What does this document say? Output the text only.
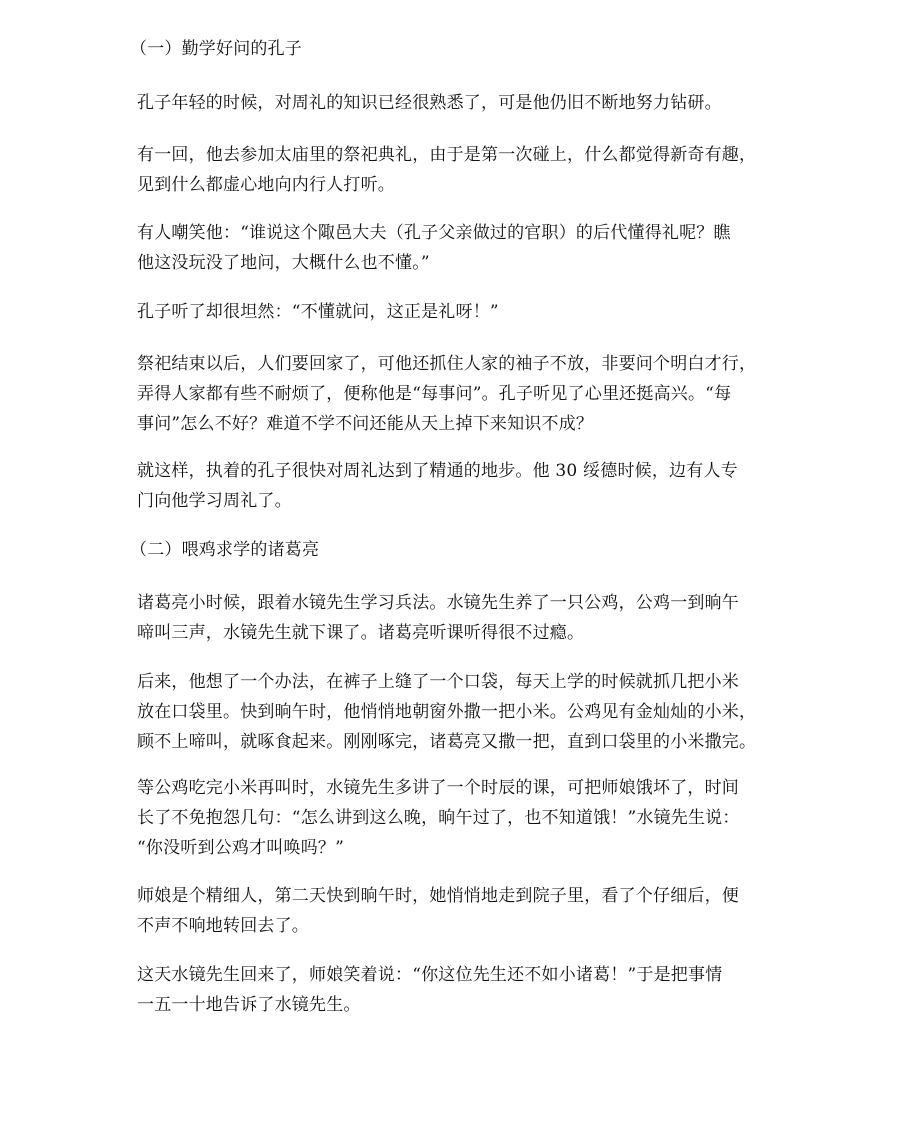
（一）勤学好问的孔子

孔子年轻的时候，对周礼的知识已经很熟悉了，可是他仍旧不断地努力钻研。

有一回，他去参加太庙里的祭祀典礼，由于是第一次碰上，什么都觉得新奇有趣，
见到什么都虚心地向内行人打听。

有人嘲笑他：“谁说这个陬邑大夫（孔子父亲做过的官职）的后代懂得礼呢？瞧
他这没玩没了地问，大概什么也不懂。”

孔子听了却很坦然：“不懂就问，这正是礼呀！”

祭祀结束以后，人们要回家了，可他还抓住人家的袖子不放，非要问个明白才行，
弄得人家都有些不耐烦了，便称他是“每事问”。孔子听见了心里还挺高兴。“每
事问”怎么不好？难道不学不问还能从天上掉下来知识不成？

就这样，执着的孔子很快对周礼达到了精通的地步。他 30 绥德时候，边有人专
门向他学习周礼了。

（二）喂鸡求学的诸葛亮

诸葛亮小时候，跟着水镜先生学习兵法。水镜先生养了一只公鸡，公鸡一到晌午
啼叫三声，水镜先生就下课了。诸葛亮听课听得很不过瘾。

后来，他想了一个办法，在裤子上缝了一个口袋，每天上学的时候就抓几把小米
放在口袋里。快到晌午时，他悄悄地朝窗外撒一把小米。公鸡见有金灿灿的小米，
顾不上啼叫，就啄食起来。刚刚啄完，诸葛亮又撒一把，直到口袋里的小米撒完。

等公鸡吃完小米再叫时，水镜先生多讲了一个时辰的课，可把师娘饿坏了，时间
长了不免抱怨几句：“怎么讲到这么晚，晌午过了，也不知道饿！”水镜先生说：
“你没听到公鸡才叫唤吗？”

师娘是个精细人，第二天快到晌午时，她悄悄地走到院子里，看了个仔细后，便
不声不响地转回去了。

这天水镜先生回来了，师娘笑着说：“你这位先生还不如小诸葛！”于是把事情
一五一十地告诉了水镜先生。
